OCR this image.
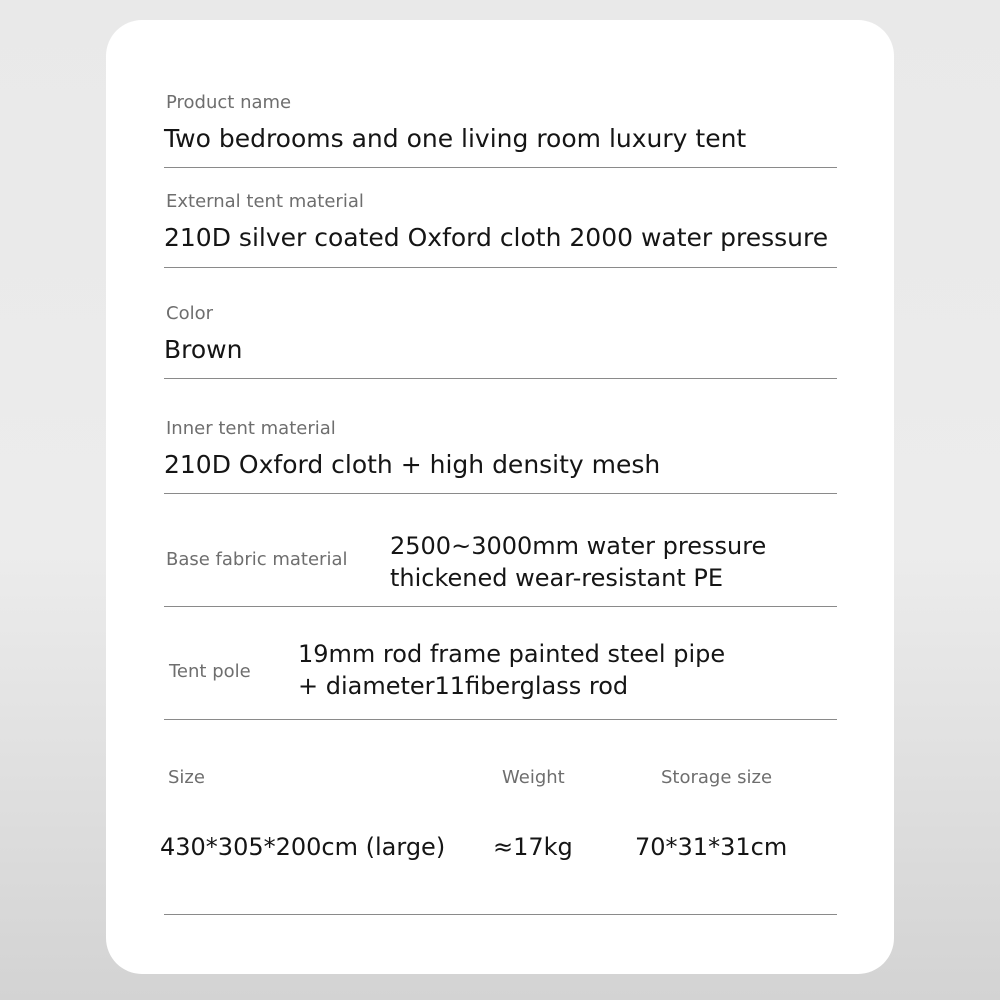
Product name
Two bedrooms and one living room luxury tent
External tent material
210D silver coated Oxford cloth 2000 water pressure
Color
Brown
Inner tent material
210D Oxford cloth + high density mesh
Base fabric material 2500~3000mm water pressure
thickened wear-resistant PE
Tent pole
19mm rod frame painted steel pipe
+ diameter11fiberglass rod
Size	Weight	Storage size
430*305*200cm (large) ≈17kg	70*31*31cm
